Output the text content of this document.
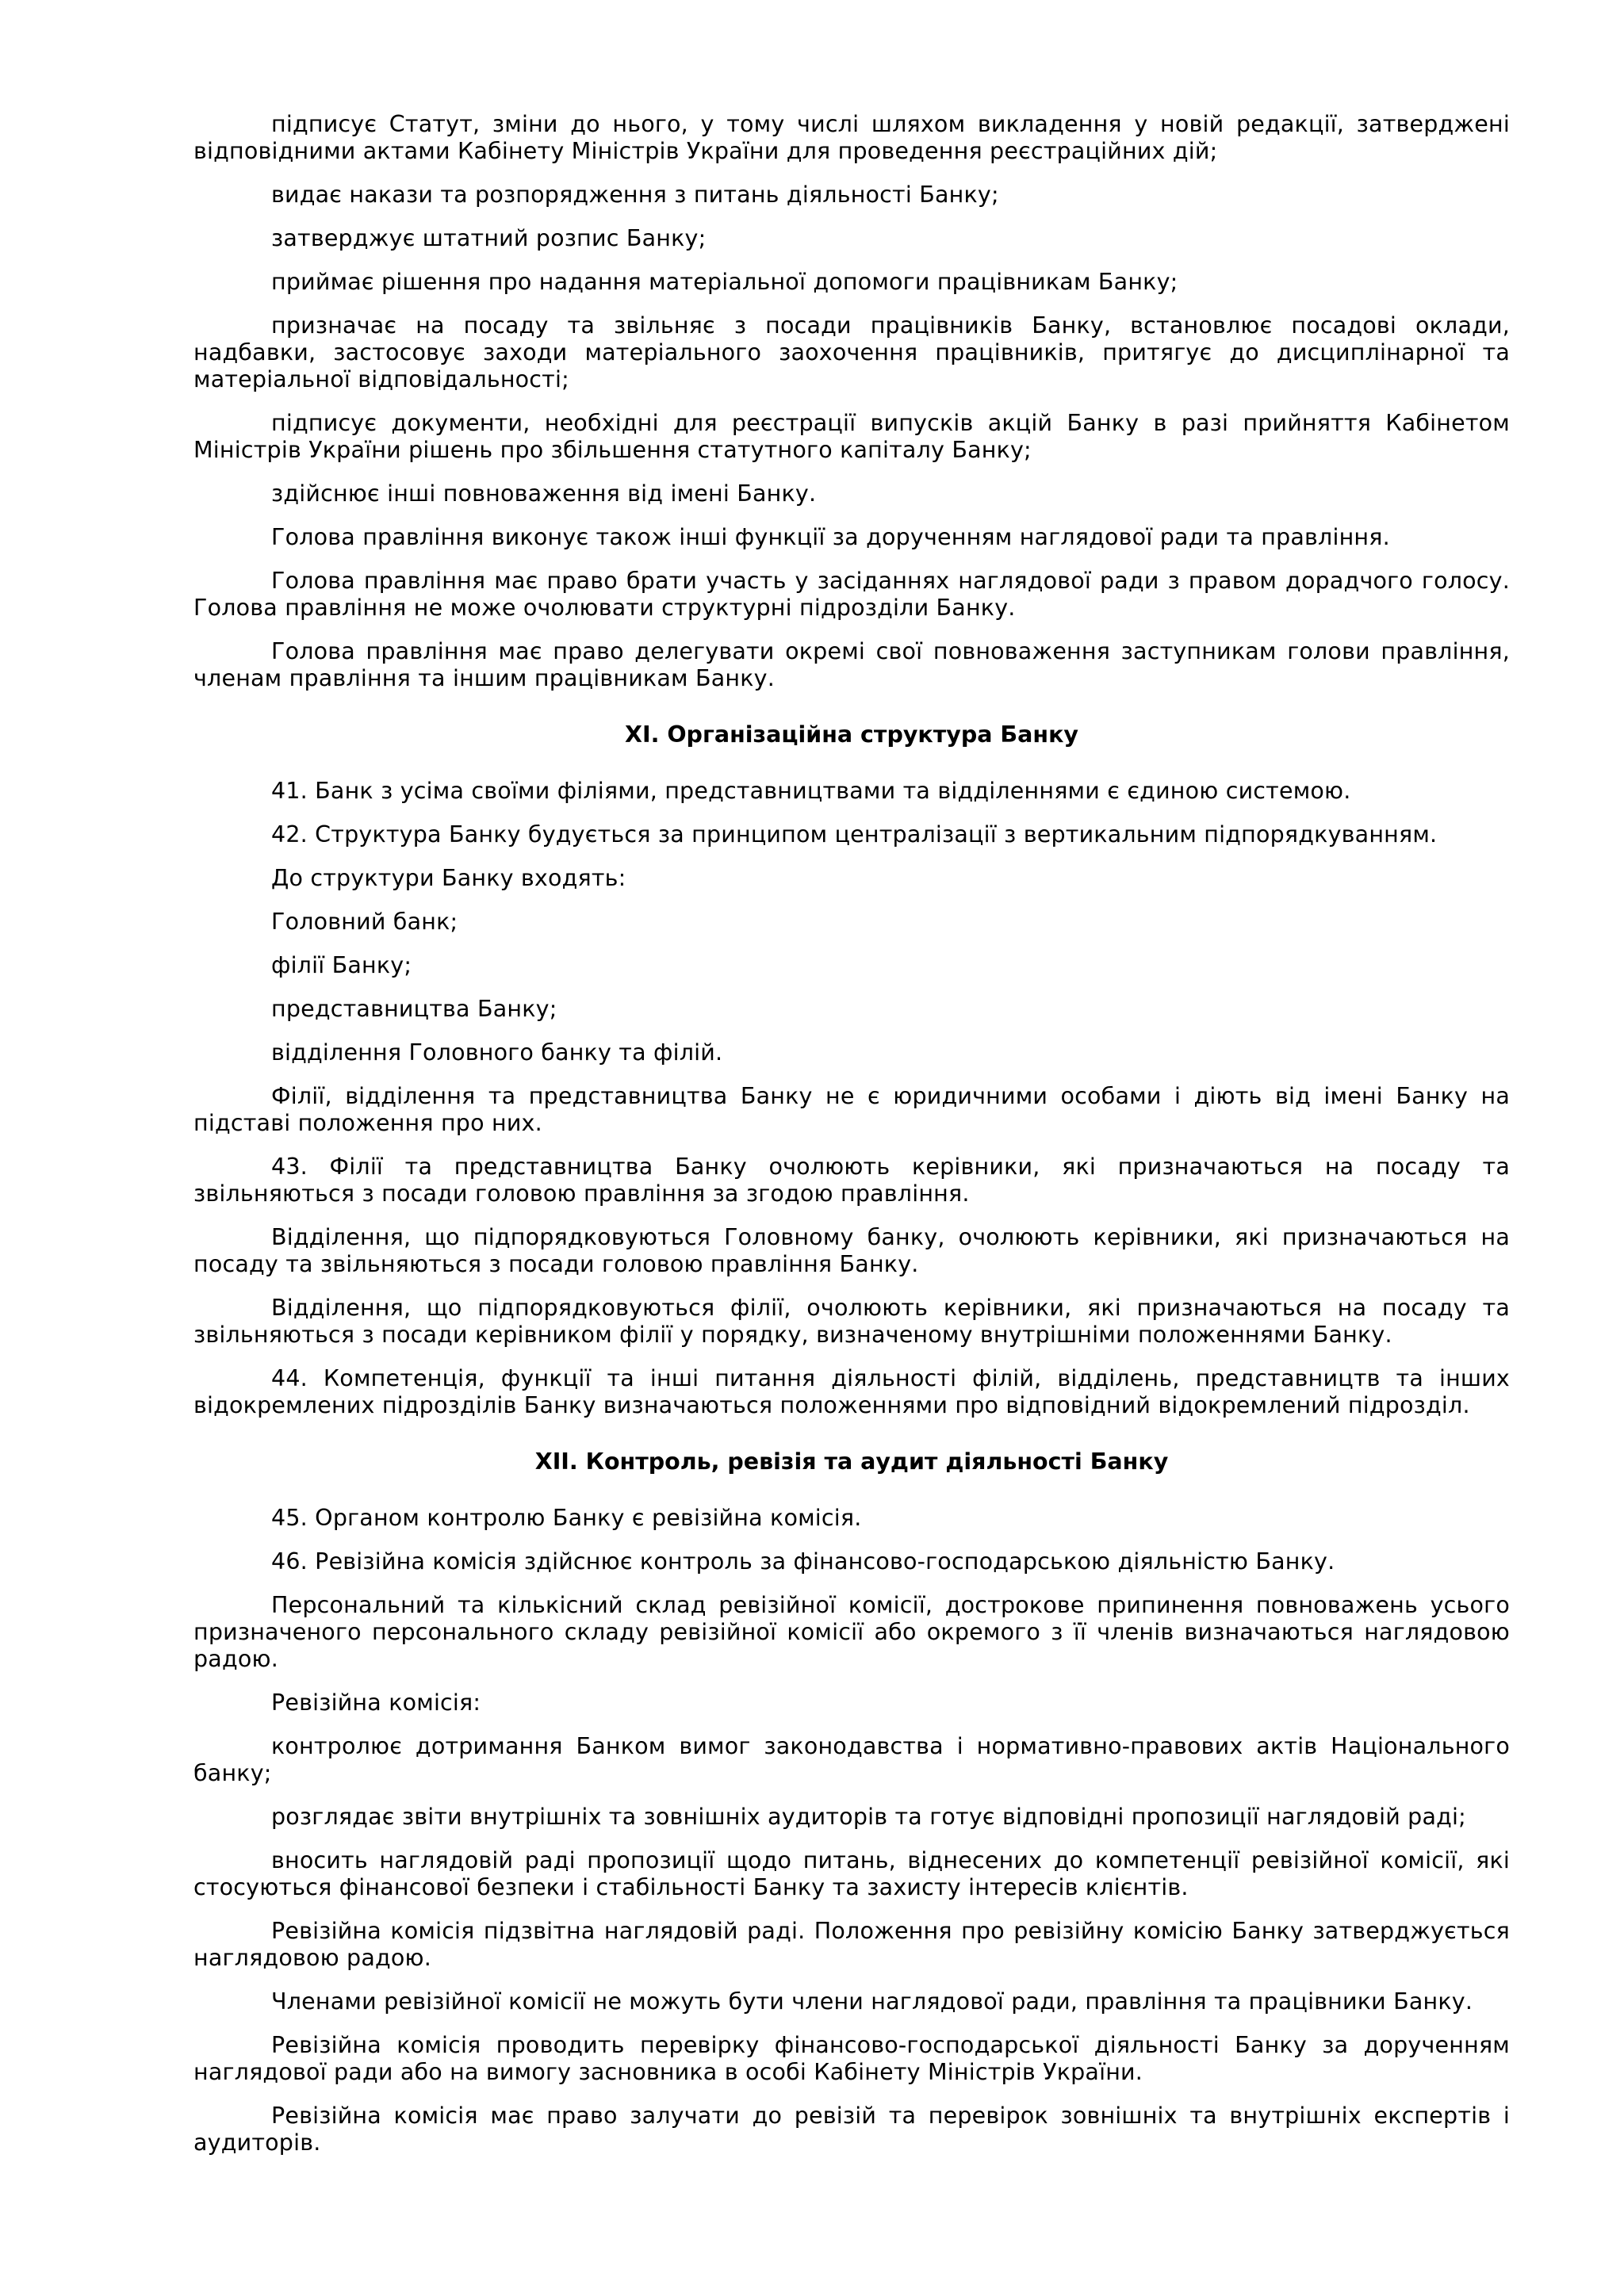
підписує Статут, зміни до нього, у тому числі шляхом викладення у новій редакції, затверджені відповідними актами Кабінету Міністрів України для проведення реєстраційних дій;

видає накази та розпорядження з питань діяльності Банку;

затверджує штатний розпис Банку;

приймає рішення про надання матеріальної допомоги працівникам Банку;

призначає на посаду та звільняє з посади працівників Банку, встановлює посадові оклади, надбавки, застосовує заходи матеріального заохочення працівників, притягує до дисциплінарної та матеріальної відповідальності;

підписує документи, необхідні для реєстрації випусків акцій Банку в разі прийняття Кабінетом Міністрів України рішень про збільшення статутного капіталу Банку;

здійснює інші повноваження від імені Банку.

Голова правління виконує також інші функції за дорученням наглядової ради та правління.

Голова правління має право брати участь у засіданнях наглядової ради з правом дорадчого голосу. Голова правління не може очолювати структурні підрозділи Банку.

Голова правління має право делегувати окремі свої повноваження заступникам голови правління, членам правління та іншим працівникам Банку.

XI. Організаційна структура Банку

41. Банк з усіма своїми філіями, представництвами та відділеннями є єдиною системою.

42. Структура Банку будується за принципом централізації з вертикальним підпорядкуванням.

До структури Банку входять:

Головний банк;

філії Банку;

представництва Банку;

відділення Головного банку та філій.

Філії, відділення та представництва Банку не є юридичними особами і діють від імені Банку на підставі положення про них.

43. Філії та представництва Банку очолюють керівники, які призначаються на посаду та звільняються з посади головою правління за згодою правління.

Відділення, що підпорядковуються Головному банку, очолюють керівники, які призначаються на посаду та звільняються з посади головою правління Банку.

Відділення, що підпорядковуються філії, очолюють керівники, які призначаються на посаду та звільняються з посади керівником філії у порядку, визначеному внутрішніми положеннями Банку.

44. Компетенція, функції та інші питання діяльності філій, відділень, представництв та інших відокремлених підрозділів Банку визначаються положеннями про відповідний відокремлений підрозділ.

XII. Контроль, ревізія та аудит діяльності Банку

45. Органом контролю Банку є ревізійна комісія.

46. Ревізійна комісія здійснює контроль за фінансово-господарською діяльністю Банку.

Персональний та кількісний склад ревізійної комісії, дострокове припинення повноважень усього призначеного персонального складу ревізійної комісії або окремого з її членів визначаються наглядовою радою.

Ревізійна комісія:

контролює дотримання Банком вимог законодавства і нормативно-правових актів Національного банку;

розглядає звіти внутрішніх та зовнішніх аудиторів та готує відповідні пропозиції наглядовій раді;

вносить наглядовій раді пропозиції щодо питань, віднесених до компетенції ревізійної комісії, які стосуються фінансової безпеки і стабільності Банку та захисту інтересів клієнтів.

Ревізійна комісія підзвітна наглядовій раді. Положення про ревізійну комісію Банку затверджується наглядовою радою.

Членами ревізійної комісії не можуть бути члени наглядової ради, правління та працівники Банку.

Ревізійна комісія проводить перевірку фінансово-господарської діяльності Банку за дорученням наглядової ради або на вимогу засновника в особі Кабінету Міністрів України.

Ревізійна комісія має право залучати до ревізій та перевірок зовнішніх та внутрішніх експертів і аудиторів.
